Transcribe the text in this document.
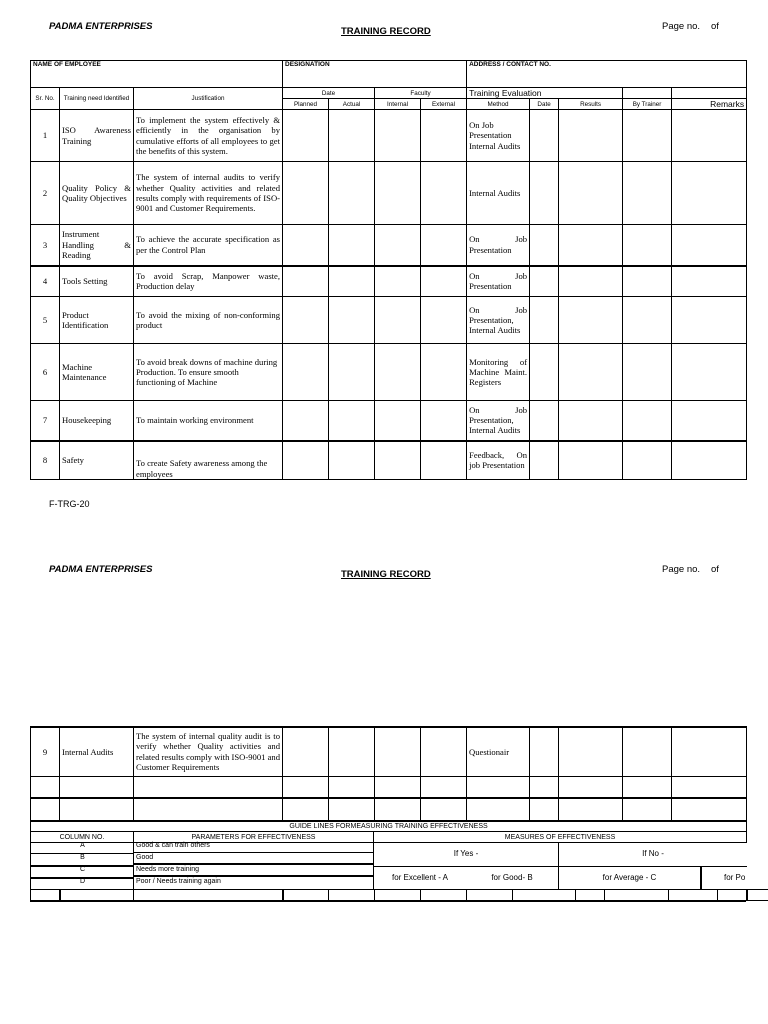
PADMA ENTERPRISES	TRAINING RECORD	Page no. of
NAME OF EMPLOYEE			DESIGNATION				ADDRESS / CONTACT NO.				
Sr. No.	Training need Identified	Justification	Date		Faculty		Training Evaluation				
			Planned	Actual	Internal	External	Method	Date	Results	By Trainer	Remarks
1	ISO Awareness Training	To implement the system effectively & efficiently in the organisation by cumulative efforts of all employees to get the benefits of this system.					On Job Presentation Internal Audits				
2	Quality Policy & Quality Objectives	The system of internal audits to verify whether Quality activities and related results comply with requirements of ISO-9001 and Customer Requirements.					Internal Audits				
3	Instrument Handling & Reading	To achieve the accurate specification as per the Control Plan					On Job Presentation				
4	Tools Setting	To avoid Scrap, Manpower waste, Production delay					On Job Presentation				
5	Product Identification	To avoid the mixing of non-conforming product					On Job Presentation, Internal Audits				
6	Machine Maintenance	To avoid break downs of machine during Production. To ensure smooth functioning of Machine					Monitoring of Machine Maint. Registers				
7	Housekeeping	To maintain working environment					On Job Presentation, Internal Audits				
8	Safety	To create Safety awareness among the employees					Feedback, On job Presentation				
F-TRG-20
PADMA ENTERPRISES	TRAINING RECORD	Page no. of
9	Internal Audits	The system of internal quality audit is to verify whether Quality activities and related results comply with ISO-9001 and Customer Requirements					Questionair				

GUIDE LINES FORMEASURING TRAINING EFFECTIVENESS
COLUMN NO.	PARAMETERS FOR EFFECTIVENESS	MEASURES OF EFFECTIVENESS
A	Good & can train others
B	Good
C	Needs more training
D	Poor / Needs training again
If Yes -	If No -
for Excellent - A	for Good- B	for Average - C	for Po
